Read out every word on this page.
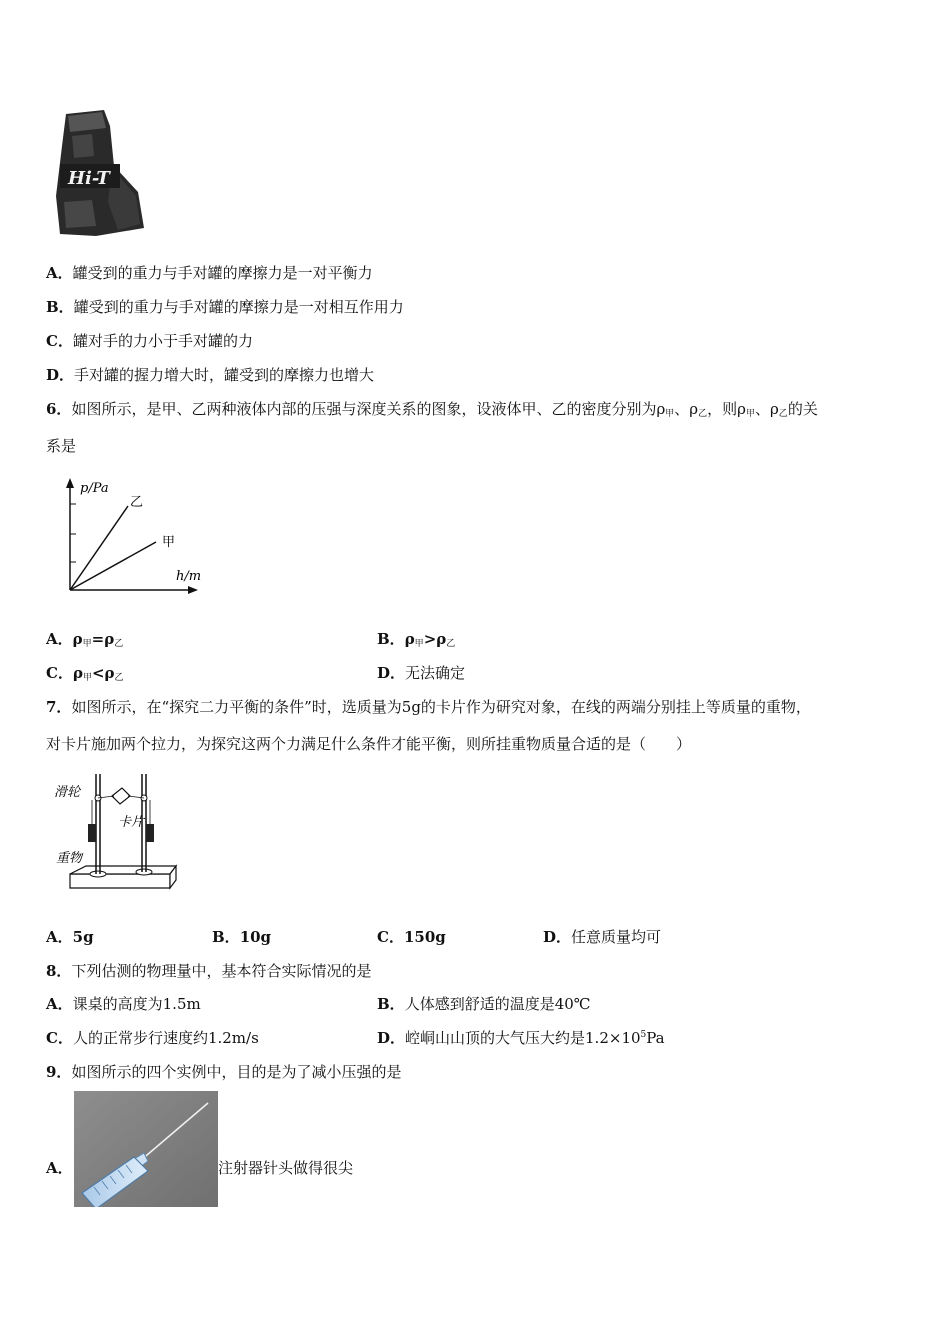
Hi-T
A．罐受到的重力与手对罐的摩擦力是一对平衡力
B．罐受到的重力与手对罐的摩擦力是一对相互作用力
C．罐对手的力小于手对罐的力
D．手对罐的握力增大时，罐受到的摩擦力也增大
6．如图所示，是甲、乙两种液体内部的压强与深度关系的图象，设液体甲、乙的密度分别为$\rho_甲$、$\rho_乙$，则$\rho_甲$、$\rho_乙$的关
系是
p/Pa
乙
甲
h/m
A．$\rho_甲=\rho_乙$	B．$\rho_甲>\rho_乙$
C．$\rho_甲<\rho_乙$	D．无法确定
7．如图所示，在“探究二力平衡的条件”时，选质量为5g的卡片作为研究对象，在线的两端分别挂上等质量的重物，
对卡片施加两个拉力，为探究这两个力满足什么条件才能平衡，则所挂重物质量合适的是（　　）
滑轮
卡片
重物
A．5g	B．10g	C．150g	D．任意质量均可
8．下列估测的物理量中，基本符合实际情况的是
A．课桌的高度为1.5m	B．人体感到舒适的温度是40℃
C．人的正常步行速度约1.2m/s	D．崆峒山山顶的大气压大约是$1.2\times 10^5Pa$
9．如图所示的四个实例中，目的是为了减小压强的是
A．	注射器针头做得很尖
